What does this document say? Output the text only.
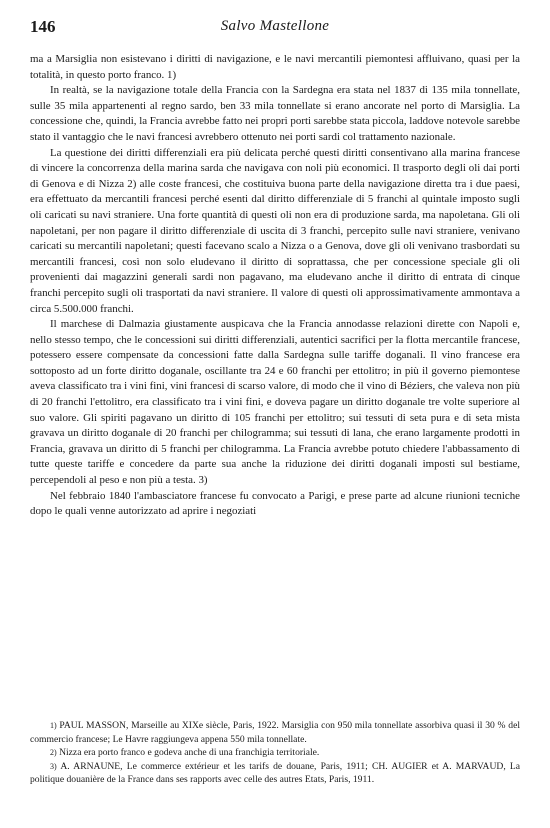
146	Salvo Mastellone

ma a Marsiglia non esistevano i diritti di navigazione, e le navi mercantili piemontesi affluivano, quasi per la totalità, in questo porto franco. 1)

In realtà, se la navigazione totale della Francia con la Sardegna era stata nel 1837 di 135 mila tonnellate, sulle 35 mila appartenenti al regno sardo, ben 33 mila tonnellate si erano ancorate nel porto di Marsiglia. La concessione che, quindi, la Francia avrebbe fatto nei propri porti sarebbe stata piccola, laddove notevole sarebbe stato il vantaggio che le navi francesi avrebbero ottenuto nei porti sardi col trattamento nazionale.

La questione dei diritti differenziali era più delicata perché questi diritti consentivano alla marina francese di vincere la concorrenza della marina sarda che navigava con noli più economici. Il trasporto degli oli dai porti di Genova e di Nizza 2) alle coste francesi, che costituiva buona parte della navigazione diretta tra i due paesi, era effettuato da mercantili francesi perché esenti dal diritto differenziale di 5 franchi al quintale imposto sugli oli caricati su navi straniere. Una forte quantità di questi oli non era di produzione sarda, ma napoletana. Gli oli napoletani, per non pagare il diritto differenziale di uscita di 3 franchi, percepito sulle navi straniere, venivano caricati su mercantili napoletani; questi facevano scalo a Nizza o a Genova, dove gli oli venivano trasbordati su mercantili francesi, così non solo eludevano il diritto di soprattassa, che per concessione speciale gli oli provenienti dai magazzini generali sardi non pagavano, ma eludevano anche il diritto di entrata di cinque franchi percepito sugli oli trasportati da navi straniere. Il valore di questi oli approssimativamente ammontava a circa 5.500.000 franchi.

Il marchese di Dalmazia giustamente auspicava che la Francia annodasse relazioni dirette con Napoli e, nello stesso tempo, che le concessioni sui diritti differenziali, autentici sacrifici per la flotta mercantile francese, potessero essere compensate da concessioni fatte dalla Sardegna sulle tariffe doganali. Il vino francese era sottoposto ad un forte diritto doganale, oscillante tra 24 e 60 franchi per ettolitro; in più il governo piemontese aveva classificato tra i vini fini, vini francesi di scarso valore, di modo che il vino di Béziers, che valeva non più di 20 franchi l'ettolitro, era classificato tra i vini fini, e doveva pagare un diritto doganale tre volte superiore al suo valore. Gli spiriti pagavano un diritto di 105 franchi per ettolitro; sui tessuti di seta pura e di seta mista gravava un diritto doganale di 20 franchi per chilogramma; sui tessuti di lana, che erano largamente prodotti in Francia, gravava un diritto di 5 franchi per chilogramma. La Francia avrebbe potuto chiedere l'abbassamento di tutte queste tariffe e concedere da parte sua anche la riduzione dei diritti doganali imposti sul bestiame, percependoli al peso e non più a testa. 3)

Nel febbraio 1840 l'ambasciatore francese fu convocato a Parigi, e prese parte ad alcune riunioni tecniche dopo le quali venne autorizzato ad aprire i negoziati

1) PAUL MASSON, Marseille au XIXe siècle, Paris, 1922. Marsiglia con 950 mila tonnellate assorbiva quasi il 30 % del commercio francese; Le Havre raggiungeva appena 550 mila tonnellate.

2) Nizza era porto franco e godeva anche di una franchigia territoriale.

3) A. ARNAUNE, Le commerce extérieur et les tarifs de douane, Paris, 1911; CH. AUGIER et A. MARVAUD, La politique douanière de la France dans ses rapports avec celle des autres Etats, Paris, 1911.
